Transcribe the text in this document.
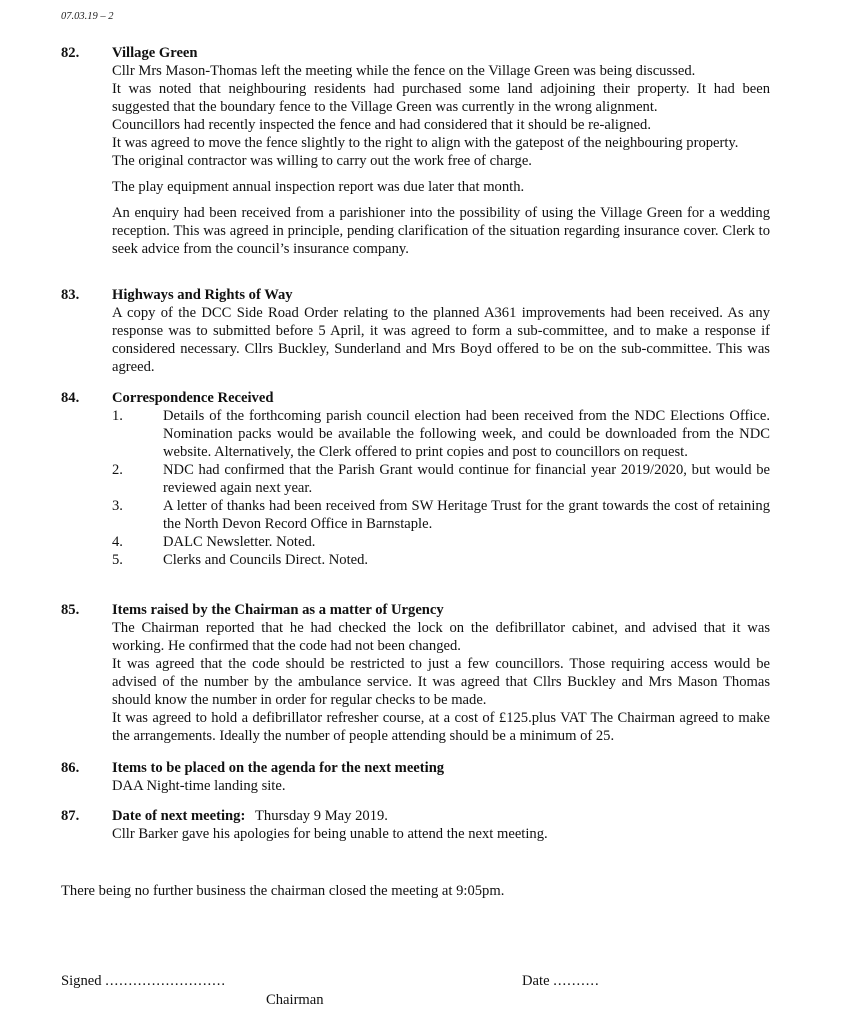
07.03.19 – 2
82. Village Green
Cllr Mrs Mason-Thomas left the meeting while the fence on the Village Green was being discussed.
It was noted that neighbouring residents had purchased some land adjoining their property. It had been suggested that the boundary fence to the Village Green was currently in the wrong alignment.
Councillors had recently inspected the fence and had considered that it should be re-aligned.
It was agreed to move the fence slightly to the right to align with the gatepost of the neighbouring property.
The original contractor was willing to carry out the work free of charge.
The play equipment annual inspection report was due later that month.
An enquiry had been received from a parishioner into the possibility of using the Village Green for a wedding reception. This was agreed in principle, pending clarification of the situation regarding insurance cover. Clerk to seek advice from the council’s insurance company.
83. Highways and Rights of Way
A copy of the DCC Side Road Order relating to the planned A361 improvements had been received. As any response was to submitted before 5 April, it was agreed to form a sub-committee, and to make a response if considered necessary. Cllrs Buckley, Sunderland and Mrs Boyd offered to be on the sub-committee. This was agreed.
84. Correspondence Received
1.	Details of the forthcoming parish council election had been received from the NDC Elections Office. Nomination packs would be available the following week, and could be downloaded from the NDC website. Alternatively, the Clerk offered to print copies and post to councillors on request.
2.	NDC had confirmed that the Parish Grant would continue for financial year 2019/2020, but would be reviewed again next year.
3.	A letter of thanks had been received from SW Heritage Trust for the grant towards the cost of retaining the North Devon Record Office in Barnstaple.
4.	DALC Newsletter. Noted.
5.	Clerks and Councils Direct. Noted.
85. Items raised by the Chairman as a matter of Urgency
The Chairman reported that he had checked the lock on the defibrillator cabinet, and advised that it was working. He confirmed that the code had not been changed.
It was agreed that the code should be restricted to just a few councillors. Those requiring access would be advised of the number by the ambulance service. It was agreed that Cllrs Buckley and Mrs Mason Thomas should know the number in order for regular checks to be made.
It was agreed to hold a defibrillator refresher course, at a cost of £125.plus VAT The Chairman agreed to make the arrangements. Ideally the number of people attending should be a minimum of 25.
86. Items to be placed on the agenda for the next meeting
DAA Night-time landing site.
87. Date of next meeting: Thursday 9 May 2019.
Cllr Barker gave his apologies for being unable to attend the next meeting.
There being no further business the chairman closed the meeting at 9:05pm.
Signed ..........................	Date ..........
Chairman
